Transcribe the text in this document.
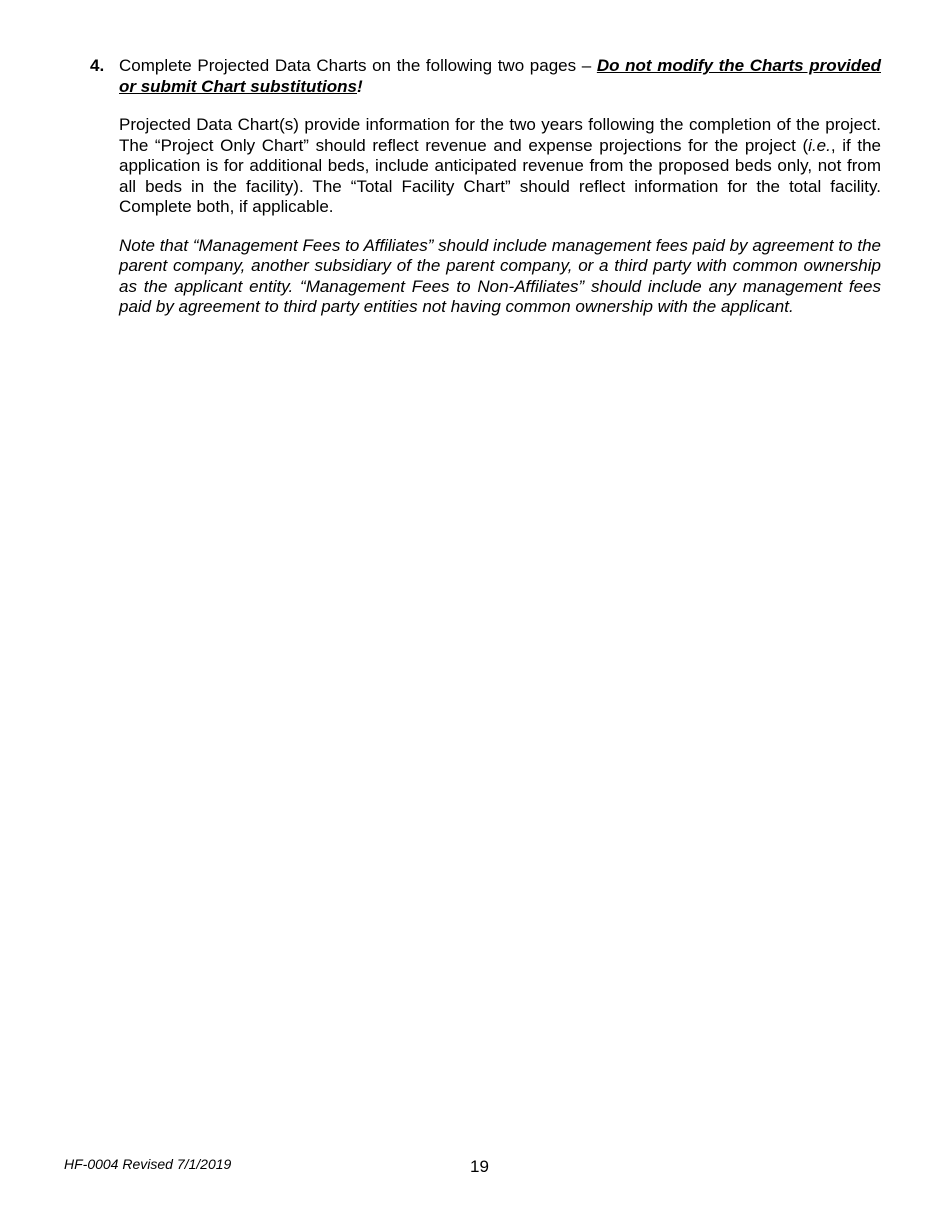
4. Complete Projected Data Charts on the following two pages – Do not modify the Charts provided or submit Chart substitutions!

Projected Data Chart(s) provide information for the two years following the completion of the project. The “Project Only Chart” should reflect revenue and expense projections for the project (i.e., if the application is for additional beds, include anticipated revenue from the proposed beds only, not from all beds in the facility). The “Total Facility Chart” should reflect information for the total facility. Complete both, if applicable.

Note that “Management Fees to Affiliates” should include management fees paid by agreement to the parent company, another subsidiary of the parent company, or a third party with common ownership as the applicant entity. “Management Fees to Non-Affiliates” should include any management fees paid by agreement to third party entities not having common ownership with the applicant.

HF-0004 Revised 7/1/2019	19
